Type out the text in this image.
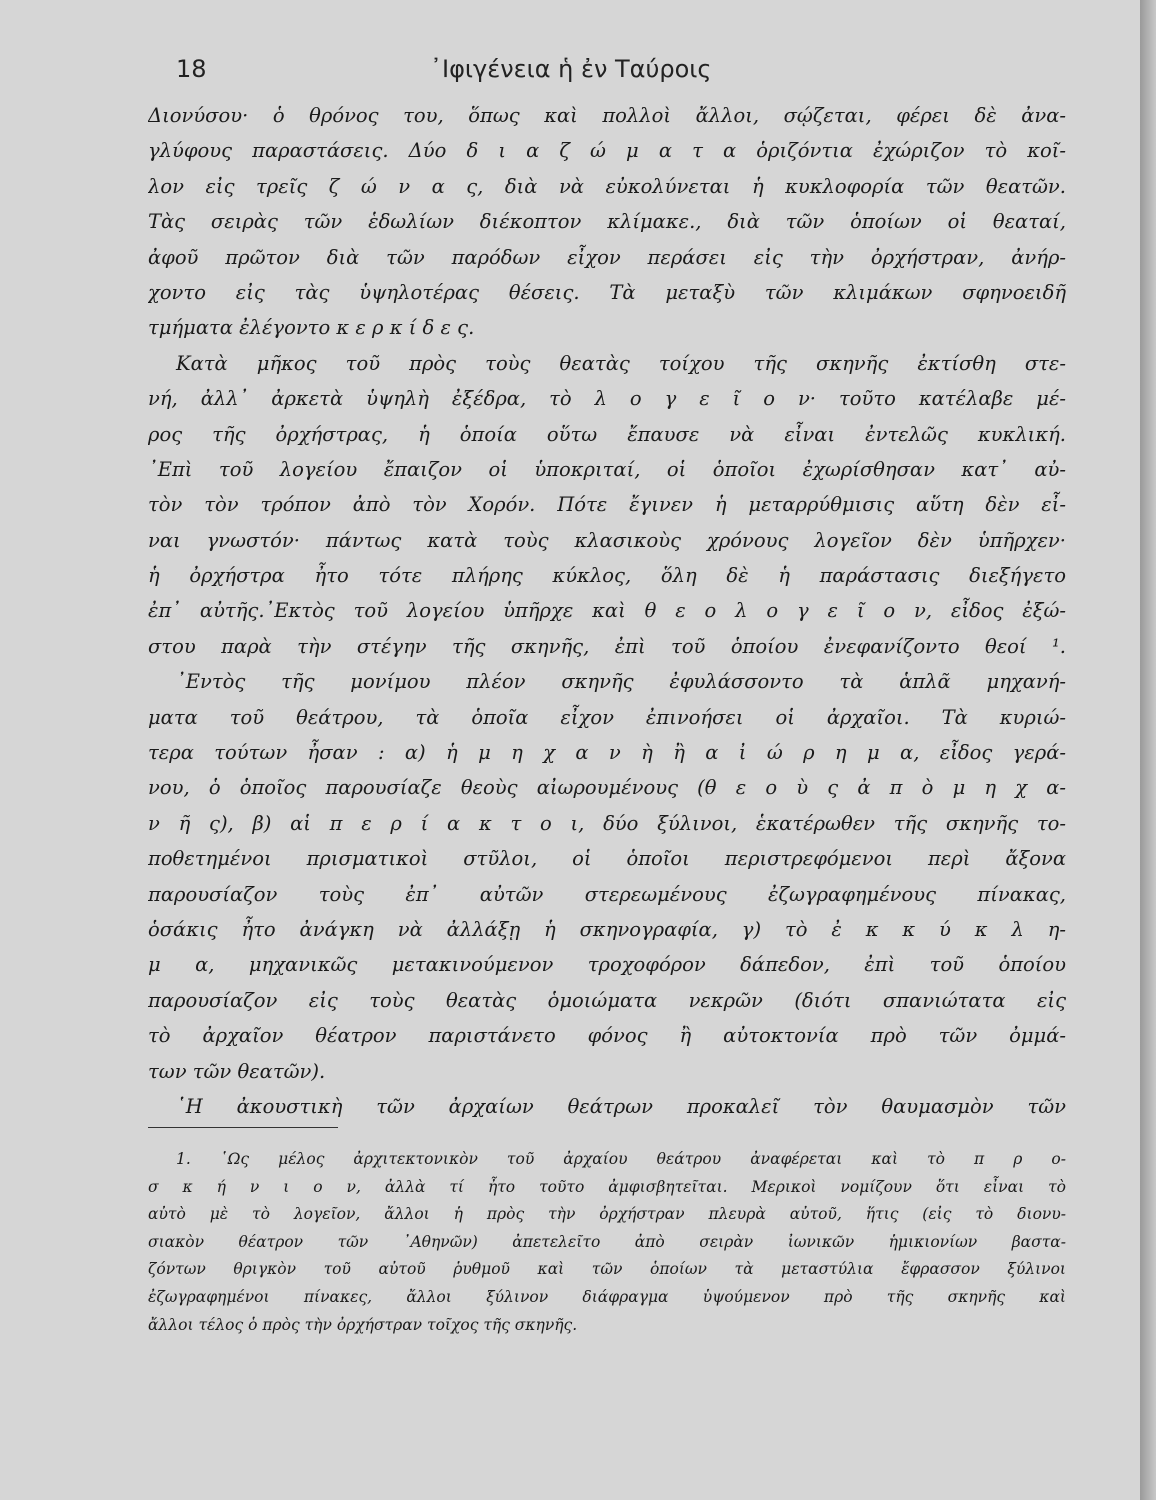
18	᾿Ιφιγένεια ἡ ἐν Ταύροις
Διονύσου· ὁ θρόνος του, ὅπως καὶ πολλοὶ ἄλλοι, σῴζεται, φέρει δὲ ἀνα-
γλύφους παραστάσεις. Δύο δ ι α ζ ώ μ α τ α ὁριζόντια ἐχώριζον τὸ κοῖ-
λον εἰς τρεῖς ζ ώ ν α ς, διὰ νὰ εὐκολύνεται ἡ κυκλοφορία τῶν θεατῶν.
Τὰς σειρὰς τῶν ἑδωλίων διέκοπτον κλίμακε., διὰ τῶν ὁποίων οἱ θεαταί,
ἀφοῦ πρῶτον διὰ τῶν παρόδων εἶχον περάσει εἰς τὴν ὀρχήστραν, ἀνήρ-
χοντο εἰς τὰς ὑψηλοτέρας θέσεις. Τὰ μεταξὺ τῶν κλιμάκων σφηνοειδῆ
τμήματα ἐλέγοντο κ ε ρ κ ί δ ε ς.
Κατὰ μῆκος τοῦ πρὸς τοὺς θεατὰς τοίχου τῆς σκηνῆς ἐκτίσθη στε-
νή, ἀλλ᾿ ἀρκετὰ ὑψηλὴ ἐξέδρα, τὸ λ ο γ ε ῖ ο ν· τοῦτο κατέλαβε μέ-
ρος τῆς ὀρχήστρας, ἡ ὁποία οὕτω ἔπαυσε νὰ εἶναι ἐντελῶς κυκλική.
᾿Επὶ τοῦ λογείου ἔπαιζον οἱ ὑποκριταί, οἱ ὁποῖοι ἐχωρίσθησαν κατ᾿ αὐ-
τὸν τὸν τρόπον ἀπὸ τὸν Χορόν. Πότε ἔγινεν ἡ μεταρρύθμισις αὕτη δὲν εἶ-
ναι γνωστόν· πάντως κατὰ τοὺς κλασικοὺς χρόνους λογεῖον δὲν ὑπῆρχεν·
ἡ ὀρχήστρα ἦτο τότε πλήρης κύκλος, ὅλη δὲ ἡ παράστασις διεξήγετο
ἐπ᾿ αὐτῆς.᾿Εκτὸς τοῦ λογείου ὑπῆρχε καὶ θ ε ο λ ο γ ε ῖ ο ν, εἶδος ἐξώ-
στου παρὰ τὴν στέγην τῆς σκηνῆς, ἐπὶ τοῦ ὁποίου ἐνεφανίζοντο θεοί ¹.
᾿Εντὸς τῆς μονίμου πλέον σκηνῆς ἐφυλάσσοντο τὰ ἁπλᾶ μηχανή-
ματα τοῦ θεάτρου, τὰ ὁποῖα εἶχον ἐπινοήσει οἱ ἀρχαῖοι. Τὰ κυριώ-
τερα τούτων ἦσαν : α) ἡ μ η χ α ν ὴ ἢ α ἰ ώ ρ η μ α, εἶδος γερά-
νου, ὁ ὁποῖος παρουσίαζε θεοὺς αἰωρουμένους (θ ε ο ὺ ς ἀ π ὸ μ η χ α-
ν ῆ ς), β) αἱ π ε ρ ί α κ τ ο ι, δύο ξύλινοι, ἑκατέρωθεν τῆς σκηνῆς το-
ποθετημένοι πρισματικοὶ στῦλοι, οἱ ὁποῖοι περιστρεφόμενοι περὶ ἄξονα
παρουσίαζον τοὺς ἐπ᾿ αὐτῶν στερεωμένους ἐζωγραφημένους πίνακας,
ὁσάκις ἦτο ἀνάγκη νὰ ἀλλάξῃ ἡ σκηνογραφία, γ) τὸ ἐ κ κ ύ κ λ η-
μ α, μηχανικῶς μετακινούμενον τροχοφόρον δάπεδον, ἐπὶ τοῦ ὁποίου
παρουσίαζον εἰς τοὺς θεατὰς ὁμοιώματα νεκρῶν (διότι σπανιώτατα εἰς
τὸ ἀρχαῖον θέατρον παριστάνετο φόνος ἢ αὐτοκτονία πρὸ τῶν ὀμμά-
των τῶν θεατῶν).
῾Η ἀκουστικὴ τῶν ἀρχαίων θεάτρων προκαλεῖ τὸν θαυμασμὸν τῶν
1. ῾Ως μέλος ἀρχιτεκτονικὸν τοῦ ἀρχαίου θεάτρου ἀναφέρεται καὶ τὸ π ρ ο-
σ κ ή ν ι ο ν, ἀλλὰ τί ἦτο τοῦτο ἀμφισβητεῖται. Μερικοὶ νομίζουν ὅτι εἶναι τὸ
αὐτὸ μὲ τὸ λογεῖον, ἄλλοι ἡ πρὸς τὴν ὀρχήστραν πλευρὰ αὐτοῦ, ἥτις (εἰς τὸ διονυ-
σιακὸν θέατρον τῶν ᾿Αθηνῶν) ἀπετελεῖτο ἀπὸ σειρὰν ἰωνικῶν ἡμικιονίων βαστα-
ζόντων θριγκὸν τοῦ αὐτοῦ ῥυθμοῦ καὶ τῶν ὁποίων τὰ μεταστύλια ἔφρασσον ξύλινοι
ἐζωγραφημένοι πίνακες, ἄλλοι ξύλινον διάφραγμα ὑψούμενον πρὸ τῆς σκηνῆς καὶ
ἄλλοι τέλος ὁ πρὸς τὴν ὀρχήστραν τοῖχος τῆς σκηνῆς.
